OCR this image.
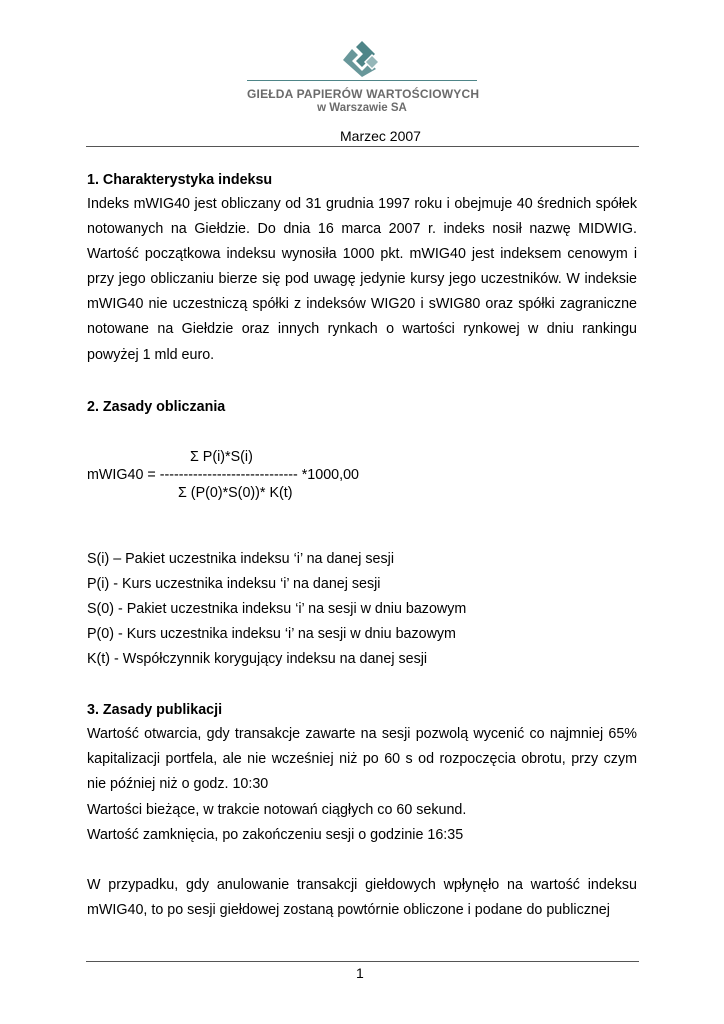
GIEŁDA PAPIERÓW WARTOŚCIOWYCH
w Warszawie SA
Marzec 2007
1. Charakterystyka indeksu
Indeks mWIG40 jest obliczany od 31 grudnia 1997 roku i obejmuje 40 średnich spółek notowanych na Giełdzie. Do dnia 16 marca 2007 r. indeks nosił nazwę MIDWIG. Wartość początkowa indeksu wynosiła 1000 pkt. mWIG40 jest indeksem cenowym i przy jego obliczaniu bierze się pod uwagę jedynie kursy jego uczestników. W indeksie mWIG40 nie uczestniczą spółki z indeksów WIG20 i sWIG80 oraz spółki zagraniczne notowane na Giełdzie oraz innych rynkach o wartości rynkowej w dniu rankingu powyżej 1 mld euro.
2. Zasady obliczania
Σ P(i)*S(i)
mWIG40 = ----------------------------- *1000,00
Σ (P(0)*S(0))* K(t)
S(i) – Pakiet uczestnika indeksu ‘i’ na danej sesji
P(i) - Kurs uczestnika indeksu ‘i’ na danej sesji
S(0) - Pakiet uczestnika indeksu ‘i’ na sesji w dniu bazowym
P(0) - Kurs uczestnika indeksu ‘i’ na sesji w dniu bazowym
K(t) - Współczynnik korygujący indeksu na danej sesji
3. Zasady publikacji
Wartość otwarcia, gdy transakcje zawarte na sesji pozwolą wycenić co najmniej 65% kapitalizacji portfela, ale nie wcześniej niż po 60 s od rozpoczęcia obrotu, przy czym nie później niż o godz. 10:30
Wartości bieżące, w trakcie notowań ciągłych co 60 sekund.
Wartość zamknięcia, po zakończeniu sesji o godzinie 16:35
W przypadku, gdy anulowanie transakcji giełdowych wpłynęło na wartość indeksu mWIG40, to po sesji giełdowej zostaną powtórnie obliczone i podane do publicznej
1
